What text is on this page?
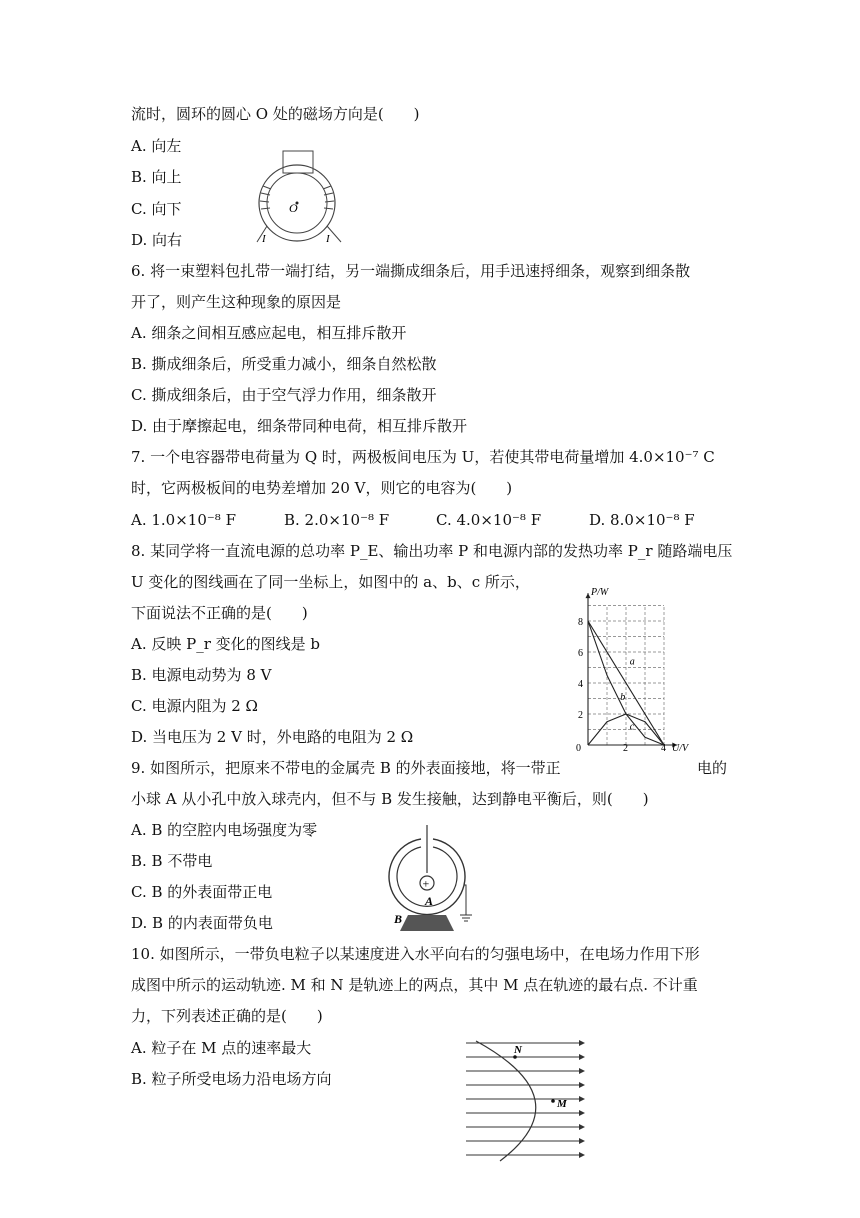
流时，圆环的圆心 O 处的磁场方向是(　　)
A. 向左
B. 向上
C. 向下
D. 向右
O
I	I
6. 将一束塑料包扎带一端打结，另一端撕成细条后，用手迅速捋细条，观察到细条散
开了，则产生这种现象的原因是
A. 细条之间相互感应起电，相互排斥散开
B. 撕成细条后，所受重力减小，细条自然松散
C. 撕成细条后，由于空气浮力作用，细条散开
D. 由于摩擦起电，细条带同种电荷，相互排斥散开
7. 一个电容器带电荷量为 Q 时，两极板间电压为 U，若使其带电荷量增加 4.0×10⁻⁷ C
时，它两极板间的电势差增加 20 V，则它的电容为(　　)
A. 1.0×10⁻⁸ F	B. 2.0×10⁻⁸ F	C. 4.0×10⁻⁸ F	D. 8.0×10⁻⁸ F
8. 某同学将一直流电源的总功率 P_E、输出功率 P 和电源内部的发热功率 P_r 随路端电压
U 变化的图线画在了同一坐标上，如图中的 a、b、c 所示，
下面说法不正确的是(　　)
A. 反映 P_r 变化的图线是 b
B. 电源电动势为 8 V
C. 电源内阻为 2 Ω
D. 当电压为 2 V 时，外电路的电阻为 2 Ω
P/W
U/V
2
4
6
8
0	2	4
a
b
c
9. 如图所示，把原来不带电的金属壳 B 的外表面接地，将一带正	电的
小球 A 从小孔中放入球壳内，但不与 B 发生接触，达到静电平衡后，则(　　)
A. B 的空腔内电场强度为零
B. B 不带电
C. B 的外表面带正电
D. B 的内表面带负电
+
A
B
10. 如图所示，一带负电粒子以某速度进入水平向右的匀强电场中，在电场力作用下形
成图中所示的运动轨迹. M 和 N 是轨迹上的两点，其中 M 点在轨迹的最右点. 不计重
力，下列表述正确的是(　　)
A. 粒子在 M 点的速率最大
B. 粒子所受电场力沿电场方向
N
M
